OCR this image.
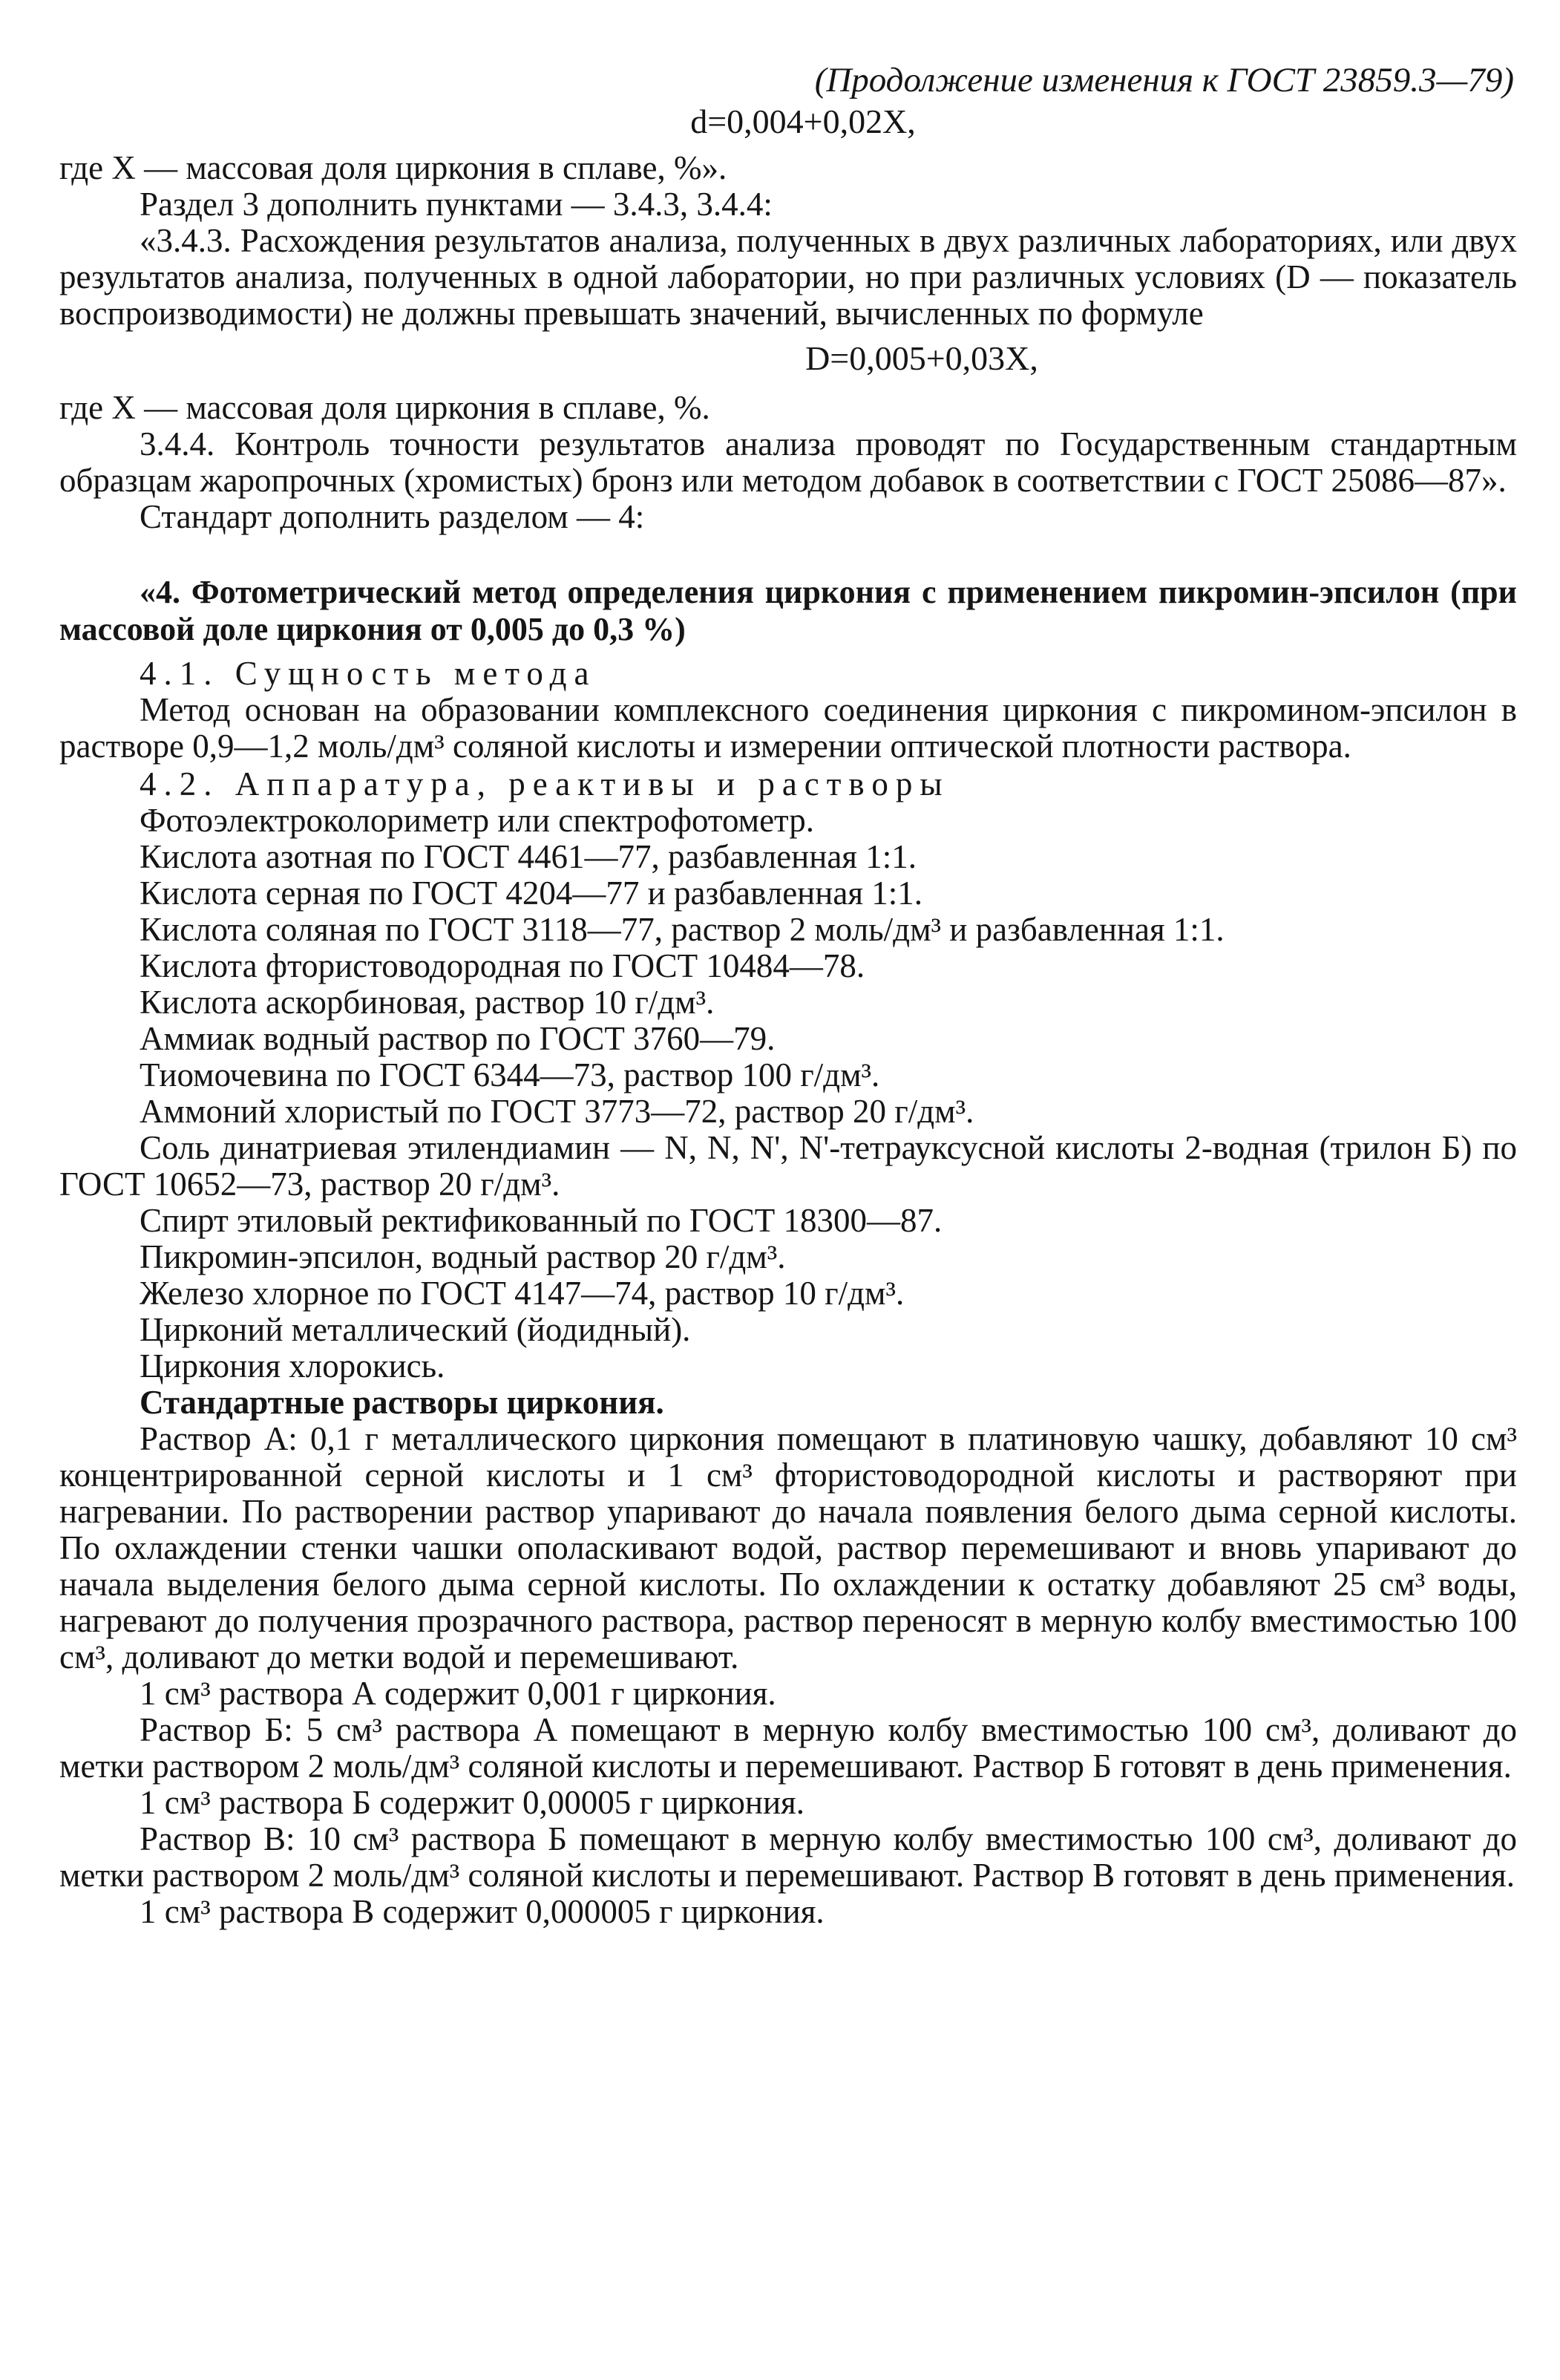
(Продолжение изменения к ГОСТ 23859.3—79)
d=0,004+0,02X,

где X — массовая доля циркония в сплаве, %».

Раздел 3 дополнить пунктами — 3.4.3, 3.4.4:

«3.4.3. Расхождения результатов анализа, полученных в двух различных лабораториях, или двух результатов анализа, полученных в одной лаборатории, но при различных условиях (D — показатель воспроизводимости) не должны превышать значений, вычисленных по формуле

D=0,005+0,03X,

где X — массовая доля циркония в сплаве, %.

3.4.4. Контроль точности результатов анализа проводят по Государственным стандартным образцам жаропрочных (хромистых) бронз или методом добавок в соответствии с ГОСТ 25086—87».

Стандарт дополнить разделом — 4:

«4. Фотометрический метод определения циркония с применением пикромин-эпсилон (при массовой доле циркония от 0,005 до 0,3 %)

4.1. Сущность метода

Метод основан на образовании комплексного соединения циркония с пикромином-эпсилон в растворе 0,9—1,2 моль/дм³ соляной кислоты и измерении оптической плотности раствора.

4.2. Аппаратура, реактивы и растворы

Фотоэлектроколориметр или спектрофотометр.

Кислота азотная по ГОСТ 4461—77, разбавленная 1:1.

Кислота серная по ГОСТ 4204—77 и разбавленная 1:1.

Кислота соляная по ГОСТ 3118—77, раствор 2 моль/дм³ и разбавленная 1:1.

Кислота фтористоводородная по ГОСТ 10484—78.

Кислота аскорбиновая, раствор 10 г/дм³.

Аммиак водный раствор по ГОСТ 3760—79.

Тиомочевина по ГОСТ 6344—73, раствор 100 г/дм³.

Аммоний хлористый по ГОСТ 3773—72, раствор 20 г/дм³.

Соль динатриевая этилендиамин — N, N, N', N'-тетрауксусной кислоты 2-водная (трилон Б) по ГОСТ 10652—73, раствор 20 г/дм³.

Спирт этиловый ректификованный по ГОСТ 18300—87.

Пикромин-эпсилон, водный раствор 20 г/дм³.

Железо хлорное по ГОСТ 4147—74, раствор 10 г/дм³.

Цирконий металлический (йодидный).

Циркония хлорокись.

Стандартные растворы циркония.

Раствор А: 0,1 г металлического циркония помещают в платиновую чашку, добавляют 10 см³ концентрированной серной кислоты и 1 см³ фтористоводородной кислоты и растворяют при нагревании. По растворении раствор упаривают до начала появления белого дыма серной кислоты. По охлаждении стенки чашки ополаскивают водой, раствор перемешивают и вновь упаривают до начала выделения белого дыма серной кислоты. По охлаждении к остатку добавляют 25 см³ воды, нагревают до получения прозрачного раствора, раствор переносят в мерную колбу вместимостью 100 см³, доливают до метки водой и перемешивают.

1 см³ раствора А содержит 0,001 г циркония.

Раствор Б: 5 см³ раствора А помещают в мерную колбу вместимостью 100 см³, доливают до метки раствором 2 моль/дм³ соляной кислоты и перемешивают. Раствор Б готовят в день применения.

1 см³ раствора Б содержит 0,00005 г циркония.

Раствор В: 10 см³ раствора Б помещают в мерную колбу вместимостью 100 см³, доливают до метки раствором 2 моль/дм³ соляной кислоты и перемешивают. Раствор В готовят в день применения.

1 см³ раствора В содержит 0,000005 г циркония.
